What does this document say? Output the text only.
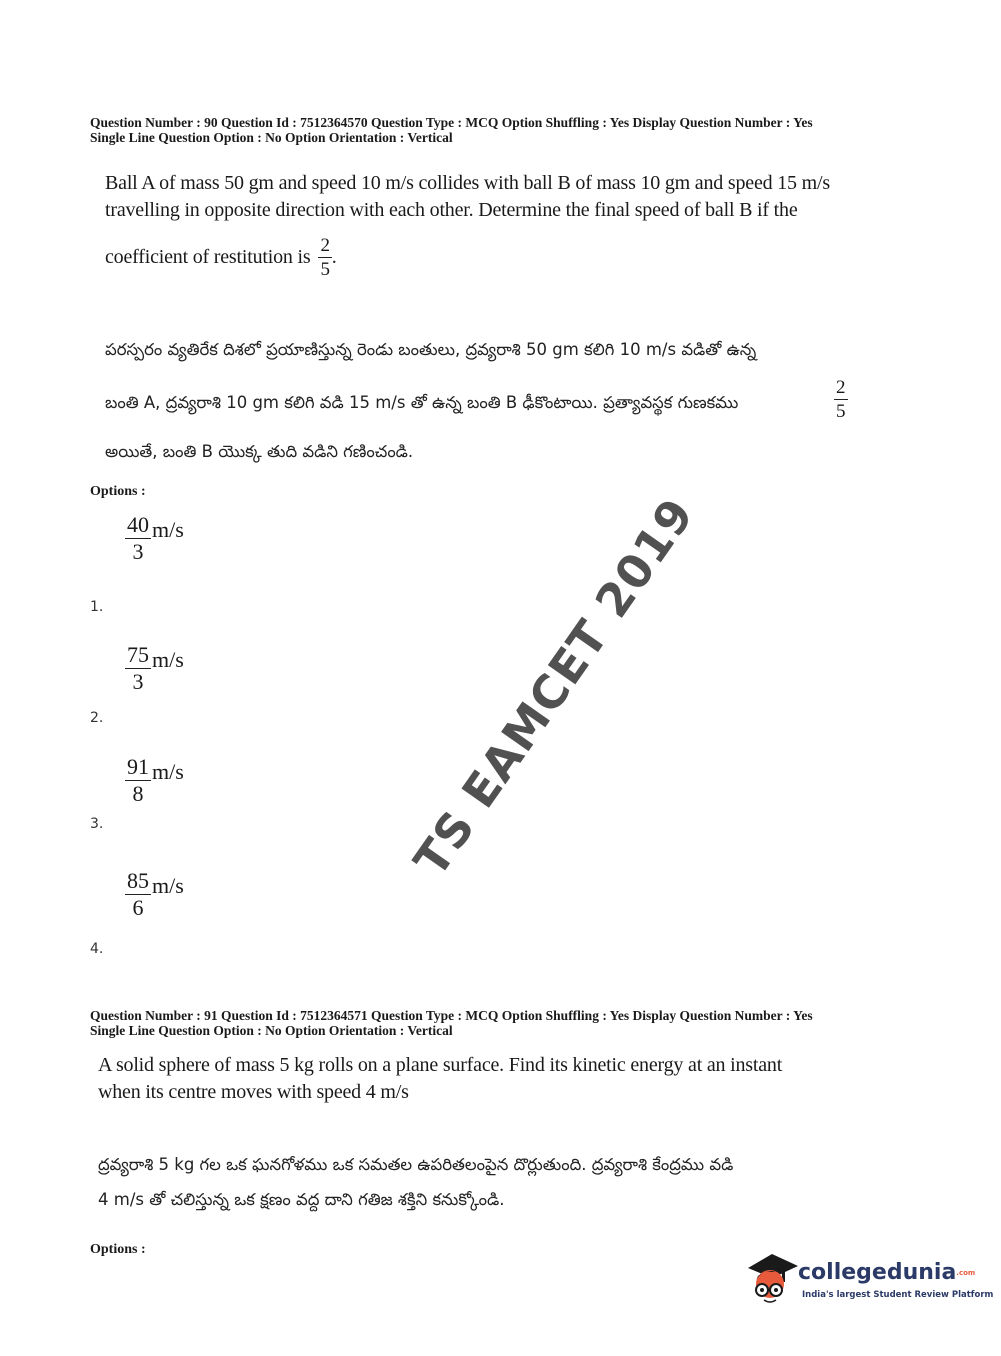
Question Number : 90 Question Id : 7512364570 Question Type : MCQ Option Shuffling : Yes Display Question Number : Yes
Single Line Question Option : No Option Orientation : Vertical
Ball A of mass 50 gm and speed 10 m/s collides with ball B of mass 10 gm and speed 15 m/s
travelling in opposite direction with each other. Determine the final speed of ball B if the
coefficient of restitution is $\frac{2}{5}$ .
పరస్పరం వ్యతిరేక దిశలో ప్రయాణిస్తున్న రెండు బంతులు, ద్రవ్యరాశి 50 gm కలిగి 10 m/s వడితో ఉన్న
బంతి A, ద్రవ్యరాశి 10 gm కలిగి వడి 15 m/s తో ఉన్న బంతి B ఢీకొంటాయి. ప్రత్యావస్థక గుణకము	$\frac{2}{5}$
అయితే, బంతి B యొక్క తుది వడిని గణించండి.
Options :
$\frac{40}{3} m/s$
1.
$\frac{75}{3} m/s$
2.
$\frac{91}{8} m/s$
3.
$\frac{85}{6} m/s$
4.
TS EAMCET 2019
Question Number : 91 Question Id : 7512364571 Question Type : MCQ Option Shuffling : Yes Display Question Number : Yes
Single Line Question Option : No Option Orientation : Vertical
A solid sphere of mass 5 kg rolls on a plane surface. Find its kinetic energy at an instant
when its centre moves with speed 4 m/s
ద్రవ్యరాశి 5 kg గల ఒక ఘనగోళము ఒక సమతల ఉపరితలంపైన దొర్లుతుంది. ద్రవ్యరాశి కేంద్రము వడి
4 m/s తో చలిస్తున్న ఒక క్షణం వద్ద దాని గతిజ శక్తిని కనుక్కోండి.
Options :
collegedunia.com
India's largest Student Review Platform
